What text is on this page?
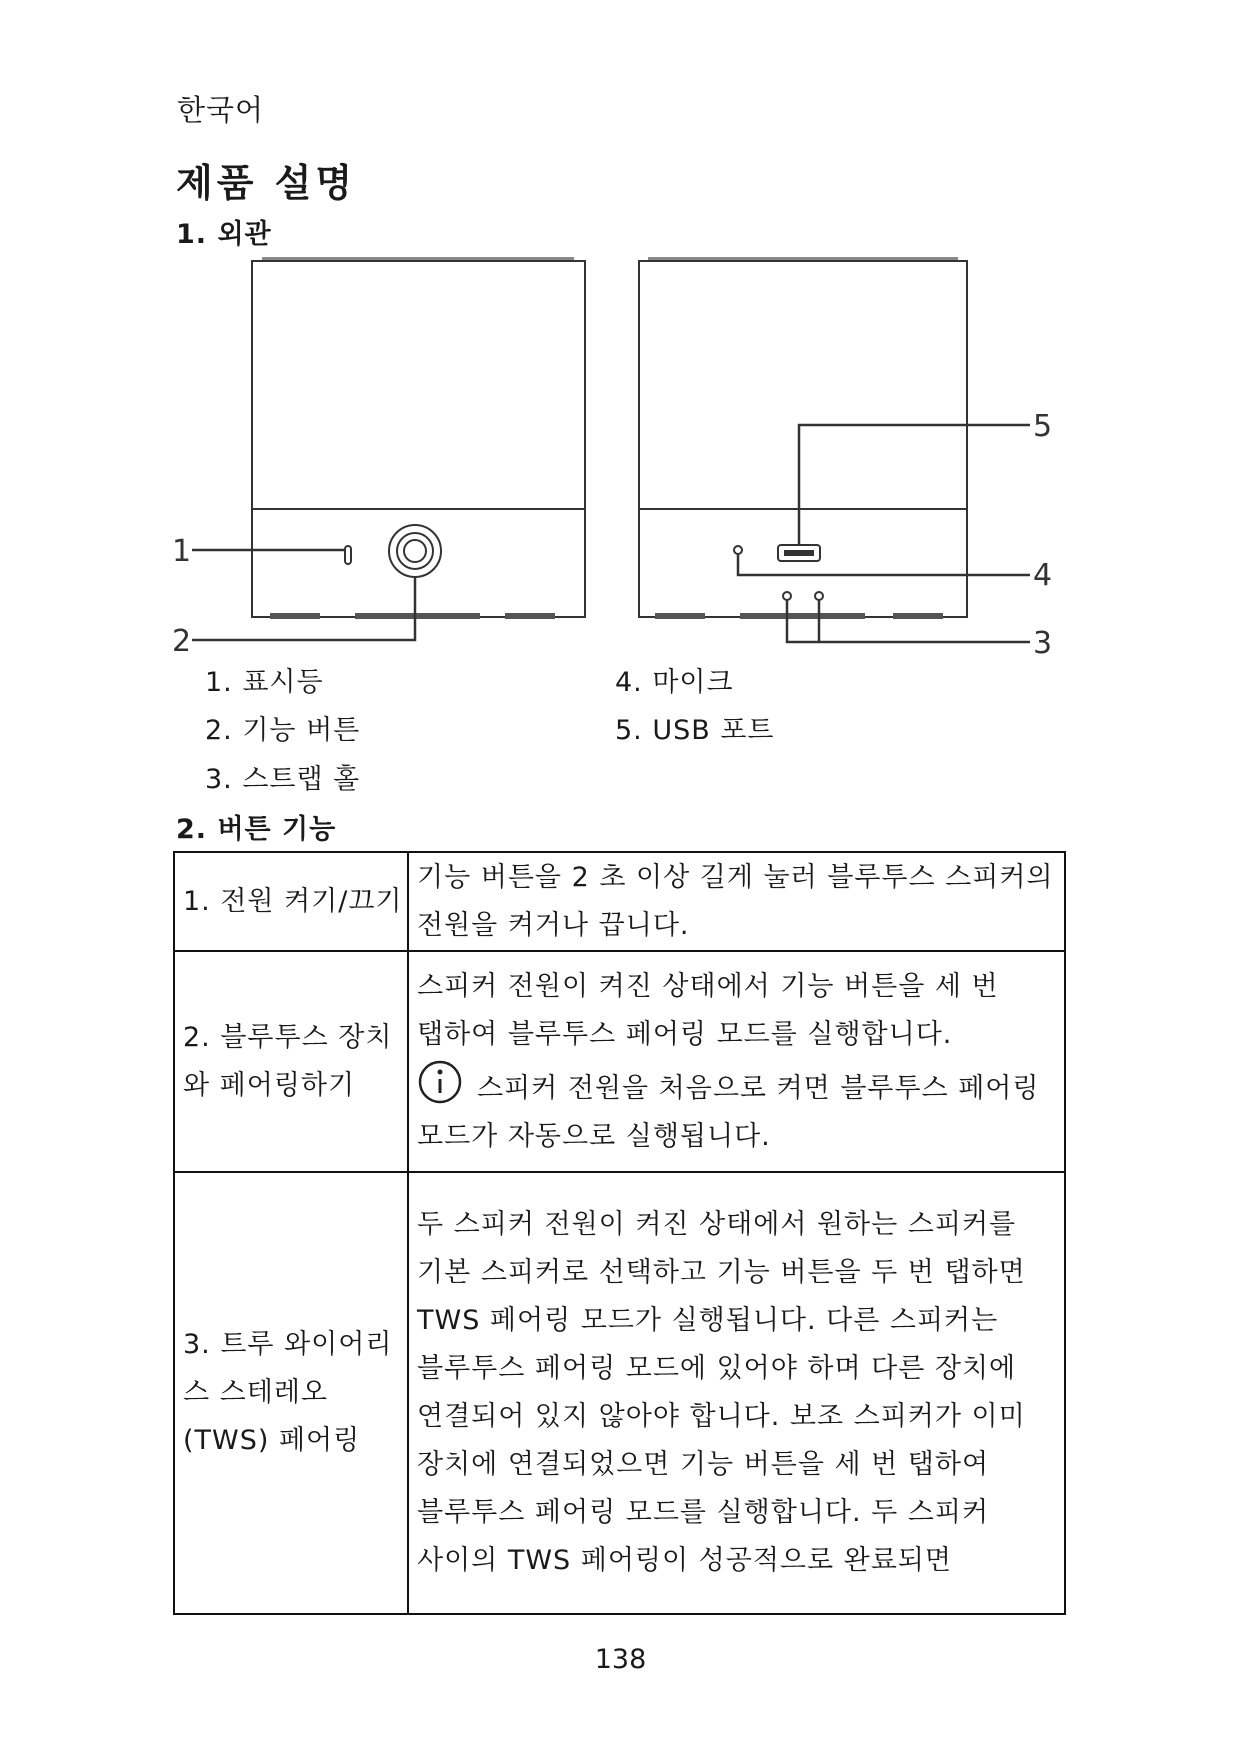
한국어
제품 설명
1. 외관
1
2	3
4
5
1. 표시등
2. 기능 버튼
3. 스트랩 홀
4. 마이크
5. USB 포트
2. 버튼 기능
1. 전원 켜기/끄기	기능 버튼을 2 초 이상 길게 눌러 블루투스 스피커의 전원을 켜거나 끕니다.
2. 블루투스 장치와 페어링하기	스피커 전원이 켜진 상태에서 기능 버튼을 세 번 탭하여 블루투스 페어링 모드를 실행합니다.
스피커 전원을 처음으로 켜면 블루투스 페어링 모드가 자동으로 실행됩니다.

3. 트루 와이어리스 스테레오(TWS) 페어링	두 스피커 전원이 켜진 상태에서 원하는 스피커를 기본 스피커로 선택하고 기능 버튼을 두 번 탭하면 TWS 페어링 모드가 실행됩니다. 다른 스피커는 블루투스 페어링 모드에 있어야 하며 다른 장치에 연결되어 있지 않아야 합니다. 보조 스피커가 이미 장치에 연결되었으면 기능 버튼을 세 번 탭하여 블루투스 페어링 모드를 실행합니다. 두 스피커 사이의 TWS 페어링이 성공적으로 완료되면
138
